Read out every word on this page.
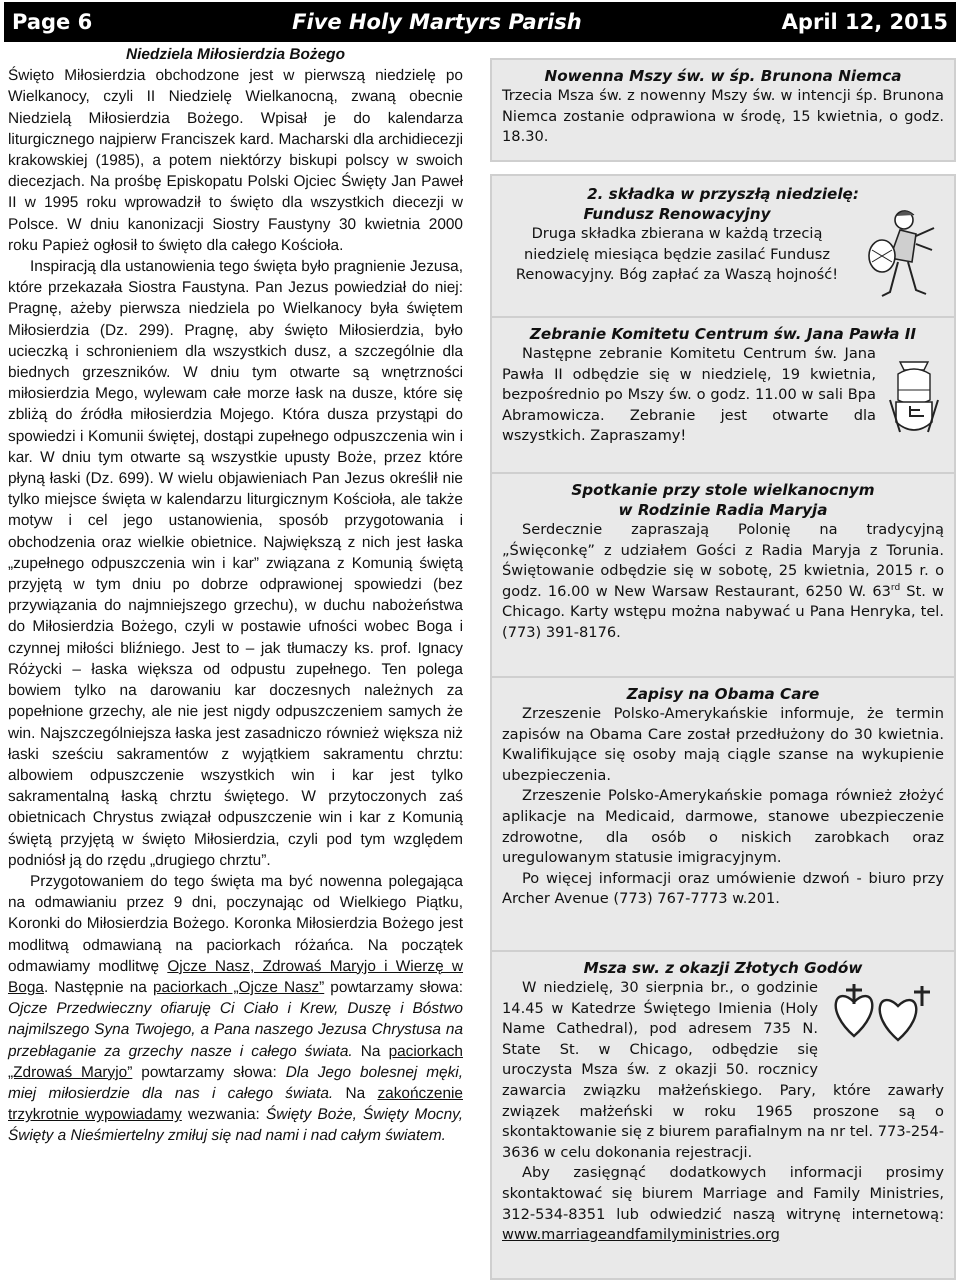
Page 6	Five Holy Martyrs Parish	April 12, 2015
Niedziela Miłosierdzia Bożego

Święto Miłosierdzia obchodzone jest w pierwszą niedzielę po Wielkanocy, czyli II Niedzielę Wielkanocną, zwaną obecnie Niedzielą Miłosierdzia Bożego. Wpisał je do kalendarza liturgicznego najpierw Franciszek kard. Macharski dla archidiecezji krakowskiej (1985), a potem niektórzy biskupi polscy w swoich diecezjach. Na prośbę Episkopatu Polski Ojciec Święty Jan Paweł II w 1995 roku wprowadził to święto dla wszystkich diecezji w Polsce. W dniu kanonizacji Siostry Faustyny 30 kwietnia 2000 roku Papież ogłosił to święto dla całego Kościoła.

Inspiracją dla ustanowienia tego święta było pragnienie Jezusa, które przekazała Siostra Faustyna. Pan Jezus powiedział do niej: Pragnę, ażeby pierwsza niedziela po Wielkanocy była świętem Miłosierdzia (Dz. 299). Pragnę, aby święto Miłosierdzia, było ucieczką i schronieniem dla wszystkich dusz, a szczególnie dla biednych grzeszników. W dniu tym otwarte są wnętrzności miłosierdzia Mego, wylewam całe morze łask na dusze, które się zbliżą do źródła miłosierdzia Mojego. Która dusza przystąpi do spowiedzi i Komunii świętej, dostąpi zupełnego odpuszczenia win i kar. W dniu tym otwarte są wszystkie upusty Boże, przez które płyną łaski (Dz. 699). W wielu objawieniach Pan Jezus określił nie tylko miejsce święta w kalendarzu liturgicznym Kościoła, ale także motyw i cel jego ustanowienia, sposób przygotowania i obchodzenia oraz wielkie obietnice. Największą z nich jest łaska „zupełnego odpuszczenia win i kar” związana z Komunią świętą przyjętą w tym dniu po dobrze odprawionej spowiedzi (bez przywiązania do najmniejszego grzechu), w duchu nabożeństwa do Miłosierdzia Bożego, czyli w postawie ufności wobec Boga i czynnej miłości bliźniego. Jest to – jak tłumaczy ks. prof. Ignacy Różycki – łaska większa od odpustu zupełnego. Ten polega bowiem tylko na darowaniu kar doczesnych należnych za popełnione grzechy, ale nie jest nigdy odpuszczeniem samych że win. Najszczególniejsza łaska jest zasadniczo również większa niż łaski sześciu sakramentów z wyjątkiem sakramentu chrztu: albowiem odpuszczenie wszystkich win i kar jest tylko sakramentalną łaską chrztu świętego. W przytoczonych zaś obietnicach Chrystus związał odpuszczenie win i kar z Komunią świętą przyjętą w święto Miłosierdzia, czyli pod tym względem podniósł ją do rzędu „drugiego chrztu”.

Przygotowaniem do tego święta ma być nowenna polegająca na odmawianiu przez 9 dni, poczynając od Wielkiego Piątku, Koronki do Miłosierdzia Bożego. Koronka Miłosierdzia Bożego jest modlitwą odmawianą na paciorkach różańca. Na początek odmawiamy modlitwę Ojcze Nasz, Zdrowaś Maryjo i Wierzę w Boga. Następnie na paciorkach „Ojcze Nasz” powtarzamy słowa: Ojcze Przedwieczny ofiaruję Ci Ciało i Krew, Duszę i Bóstwo najmilszego Syna Twojego, a Pana naszego Jezusa Chrystusa na przebłaganie za grzechy nasze i całego świata. Na paciorkach „Zdrowaś Maryjo” powtarzamy słowa: Dla Jego bolesnej męki, miej miłosierdzie dla nas i całego świata. Na zakończenie trzykrotnie wypowiadamy wezwania: Święty Boże, Święty Mocny, Święty a Nieśmiertelny zmiłuj się nad nami i nad całym światem.

Nowenna Mszy św. w śp. Brunona Niemca

Trzecia Msza św. z nowenny Mszy św. w intencji śp. Brunona Niemca zostanie odprawiona w środę, 15 kwietnia, o godz. 18.30.

2. składka w przyszłą niedzielę:
Fundusz Renowacyjny

Druga składka zbierana w każdą trzecią niedzielę miesiąca będzie zasilać Fundusz Renowacyjny. Bóg zapłać za Waszą hojność!

Zebranie Komitetu Centrum św. Jana Pawła II

Następne zebranie Komitetu Centrum św. Jana Pawła II odbędzie się w niedzielę, 19 kwietnia, bezpośrednio po Mszy św. o godz. 11.00 w sali Bpa Abramowicza. Zebranie jest otwarte dla wszystkich. Zapraszamy!

Spotkanie przy stole wielkanocnym
w Rodzinie Radia Maryja

Serdecznie zapraszają Polonię na tradycyjną „Święconkę” z udziałem Gości z Radia Maryja z Torunia. Świętowanie odbędzie się w sobotę, 25 kwietnia, 2015 r. o godz. 16.00 w New Warsaw Restaurant, 6250 W. 63rd St. w Chicago. Karty wstępu można nabywać u Pana Henryka, tel. (773) 391-8176.

Zapisy na Obama Care

Zrzeszenie Polsko-Amerykańskie informuje, że termin zapisów na Obama Care został przedłużony do 30 kwietnia. Kwalifikujące się osoby mają ciągle szanse na wykupienie ubezpieczenia.

Zrzeszenie Polsko-Amerykańskie pomaga również złożyć aplikacje na Medicaid, darmowe, stanowe ubezpieczenie zdrowotne, dla osób o niskich zarobkach oraz uregulowanym statusie imigracyjnym.

Po więcej informacji oraz umówienie dzwoń - biuro przy Archer Avenue (773) 767-7773 w.201.

Msza sw. z okazji Złotych Godów

W niedzielę, 30 sierpnia br., o godzinie 14.45 w Katedrze Świętego Imienia (Holy Name Cathedral), pod adresem 735 N. State St. w Chicago, odbędzie się uroczysta Msza św. z okazji 50. rocznicy zawarcia związku małżeńskiego. Pary, które zawarły związek małżeński w roku 1965 proszone są o skontaktowanie się z biurem parafialnym na nr tel. 773-254-3636 w celu dokonania rejestracji.

Aby zasięgnąć dodatkowych informacji prosimy skontaktować się biurem Marriage and Family Ministries, 312-534-8351 lub odwiedzić naszą witrynę internetową: www.marriageandfamilyministries.org
